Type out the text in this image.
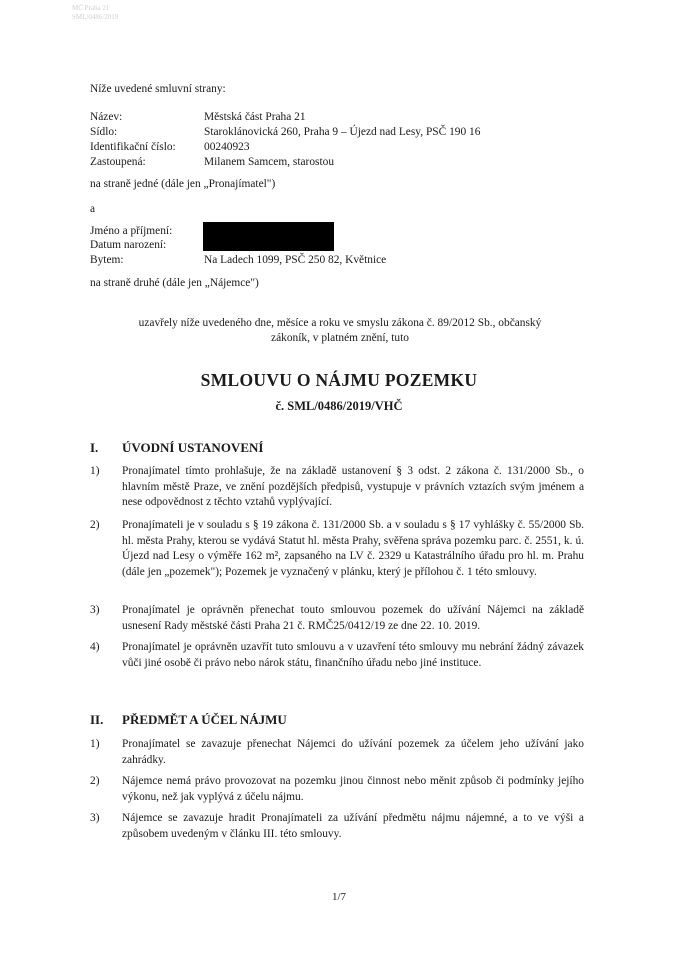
MČ Praha 21
SML/0486/2019
Níže uvedené smluvní strany:
Název:	Městská část Praha 21
Sídlo:	Staroklánovická 260, Praha 9 – Újezd nad Lesy, PSČ 190 16
Identifikační číslo: 00240923
Zastoupená:	Milanem Samcem, starostou
na straně jedné (dále jen „Pronajímatel")
a
Jméno a příjmení:
Datum narození:
Bytem:	Na Ladech 1099, PSČ 250 82, Květnice
na straně druhé (dále jen „Nájemce")
uzavřely níže uvedeného dne, měsíce a roku ve smyslu zákona č. 89/2012 Sb., občanský
zákoník, v platném znění, tuto
SMLOUVU O NÁJMU POZEMKU
č. SML/0486/2019/VHČ
I. ÚVODNÍ USTANOVENÍ
1) Pronajímatel tímto prohlašuje, že na základě ustanovení § 3 odst. 2 zákona č. 131/2000 Sb., o hlavním městě Praze, ve znění pozdějších předpisů, vystupuje v právních vztazích svým jménem a nese odpovědnost z těchto vztahů vyplývající.
2) Pronajímateli je v souladu s § 19 zákona č. 131/2000 Sb. a v souladu s § 17 vyhlášky č. 55/2000 Sb. hl. města Prahy, kterou se vydává Statut hl. města Prahy, svěřena správa pozemku parc. č. 2551, k. ú. Újezd nad Lesy o výměře 162 m², zapsaného na LV č. 2329 u Katastrálního úřadu pro hl. m. Prahu (dále jen „pozemek"); Pozemek je vyznačený v plánku, který je přílohou č. 1 této smlouvy.
3) Pronajímatel je oprávněn přenechat touto smlouvou pozemek do užívání Nájemci na základě usnesení Rady městské části Praha 21 č. RMČ25/0412/19 ze dne 22. 10. 2019.
4) Pronajímatel je oprávněn uzavřít tuto smlouvu a v uzavření této smlouvy mu nebrání žádný závazek vůči jiné osobě či právo nebo nárok státu, finančního úřadu nebo jiné instituce.
II. PŘEDMĚT A ÚČEL NÁJMU
1) Pronajímatel se zavazuje přenechat Nájemci do užívání pozemek za účelem jeho užívání jako zahrádky.
2) Nájemce nemá právo provozovat na pozemku jinou činnost nebo měnit způsob či podmínky jejího výkonu, než jak vyplývá z účelu nájmu.
3) Nájemce se zavazuje hradit Pronajímateli za užívání předmětu nájmu nájemné, a to ve výši a způsobem uvedeným v článku III. této smlouvy.
1/7
